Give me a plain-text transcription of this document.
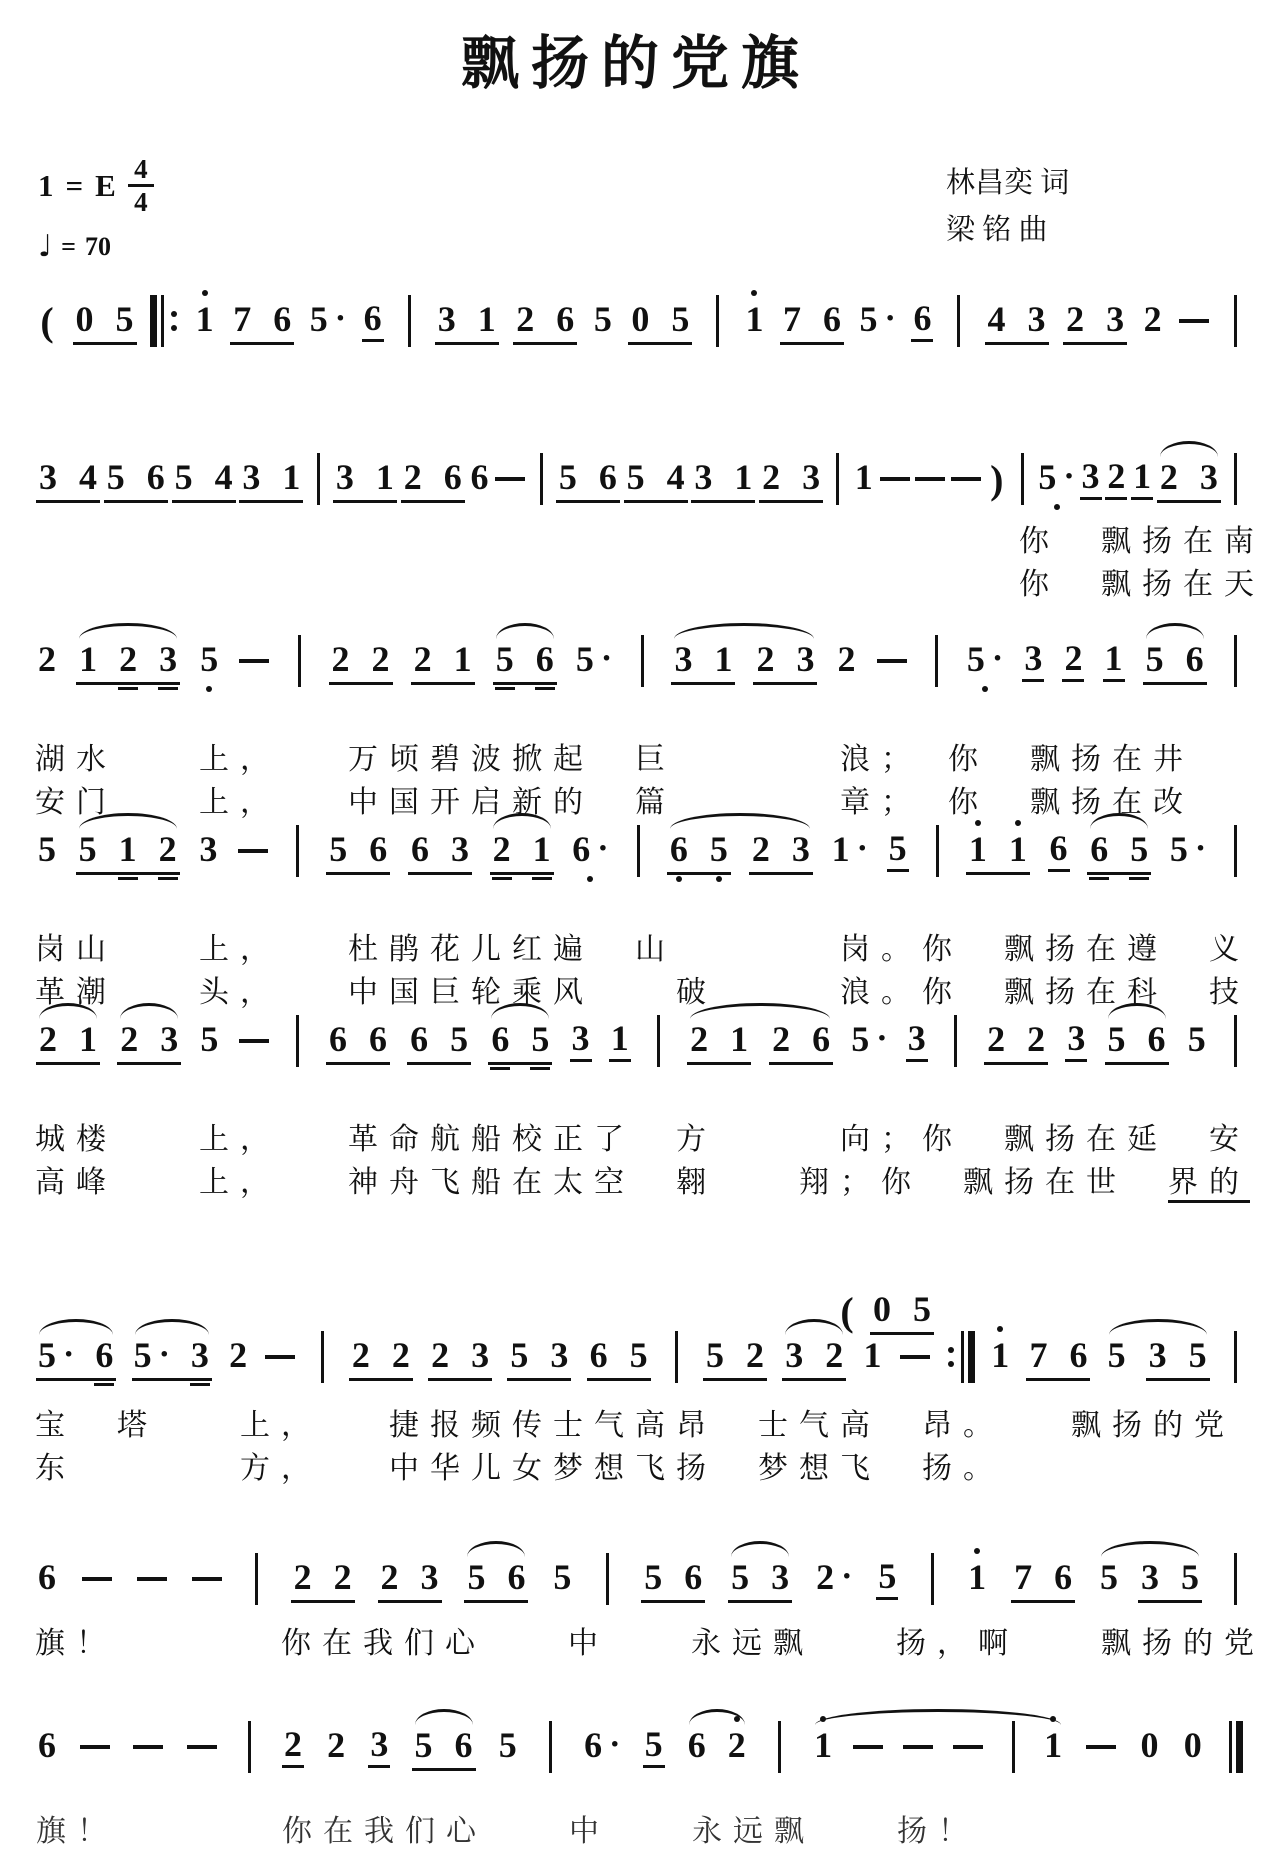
飘扬的党旗
1 = E 4
4
♩ = 70
林昌奕 词
梁 铭 曲
( 0 5 1 7 6 5 · 6 3 1 2 6 5 0 5 1 7 6 5 · 6 4 3 2 3 2
3 4 5 6 5 4 3 1 3 1 2 6 6 5 6 5 4 3 1 2 3 1	) 5 · 3 2 1 2 3
　　　　　　　　　　　　　　　　　　　　　　　　你　飘扬在南
　　　　　　　　　　　　　　　　　　　　　　　　你　飘扬在天
2 1 2 3 5	2 2 2 1 5 6 5 · 3 1 2 3 2	5 · 3 2 1 5 6
湖水　　上，　　万顷碧波掀起　巨　　　　浪；　你　飘扬在井
安门　　上，　　中国开启新的　篇　　　　章；　你　飘扬在改
5 5 1 2 3	5 6 6 3 2 1 6 · 6 5 2 3 1 · 5 1 1 6 6 5 5 ·
岗山　　上，　　杜鹃花儿红遍　山　　　　岗。你　飘扬在遵　义
革潮　　头，　　中国巨轮乘风　　破　　　浪。你　飘扬在科　技
2 1 2 3 5	6 6 6 5 6 5 3 1 2 1 2 6 5 · 3 2 2 3 5 6 5
城楼　　上，　　革命航船校正了　方　　　向；你　飘扬在延　安
高峰　　上，　　神舟飞船在太空　翱　　翔；你　飘扬在世　界的
( 0 5
5 · 6 5 · 3 2	2 2 2 3 5 3 6 5 5 2 3 2 1	1 7 6 5 3 5
宝　塔　　上，　　捷报频传士气高昂　士气高　昂。　　飘扬的党
东　　　　方，　　中华儿女梦想飞扬　梦想飞　扬。
6	2 2 2 3 5 6 5 5 6 5 3 2 · 5 1 7 6 5 3 5
旗！　　　　你在我们心　　中　　永远飘　　扬，啊　　飘扬的党
6	2 2 3 5 6 5 6 · 5 6 2 1	1 0 0
旗！　　　　你在我们心　　中　　永远飘　　扬！
